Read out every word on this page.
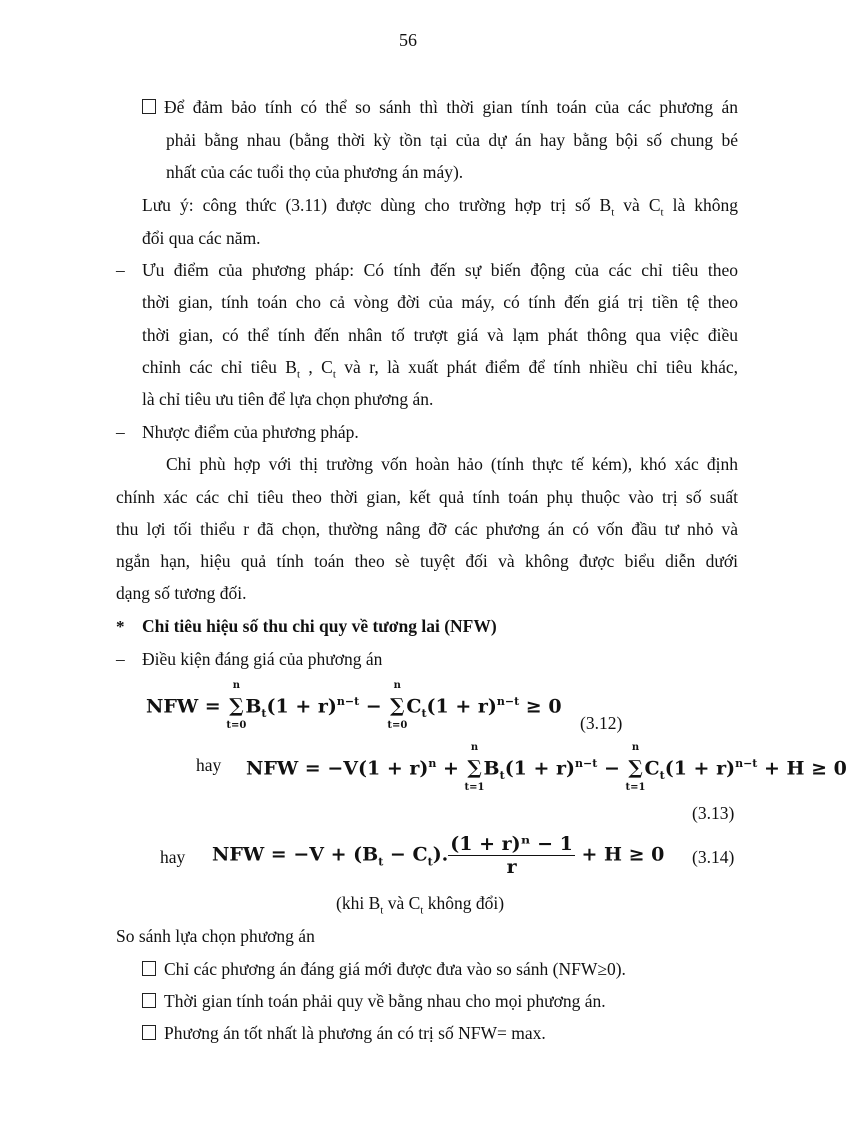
56
Để đảm bảo tính có thể so sánh thì thời gian tính toán của các phương án
phải bằng nhau (bằng thời kỳ tồn tại của dự án hay bằng bội số chung bé
nhất của các tuổi thọ của phương án máy).
Lưu ý: công thức (3.11) được dùng cho trường hợp trị số $B_t$ và $C_t$ là không
đổi qua các năm.
– Ưu điểm của phương pháp: Có tính đến sự biến động của các chỉ tiêu theo
thời gian, tính toán cho cả vòng đời của máy, có tính đến giá trị tiền tệ theo
thời gian, có thể tính đến nhân tố trượt giá và lạm phát thông qua việc điều
chỉnh các chỉ tiêu $B_t$ , $C_t$ và r, là xuất phát điểm để tính nhiều chỉ tiêu khác,
là chỉ tiêu ưu tiên để lựa chọn phương án.
– Nhược điểm của phương pháp.
Chỉ phù hợp với thị trường vốn hoàn hảo (tính thực tế kém), khó xác định
chính xác các chỉ tiêu theo thời gian, kết quả tính toán phụ thuộc vào trị số suất
thu lợi tối thiểu r đã chọn, thường nâng đỡ các phương án có vốn đầu tư nhỏ và
ngắn hạn, hiệu quả tính toán theo sè tuyệt đối và không được biểu diễn dưới
dạng số tương đối.
* Chỉ tiêu hiệu số thu chi quy về tương lai (NFW)
– Điều kiện đáng giá của phương án
NFW = ∑
n
t=0
$B_t(1 + r)^{n-t}$ − ∑
n
t=0
$C_t(1 + r)^{n-t} \ge 0$
(3.12)
hay NFW = $-V(1 + r)^n$ + ∑
n
t=1
$B_t(1 + r)^{n-t}$ − ∑
n
t=1
$C_t(1 + r)^{n-t} + H \ge 0$
(3.13)
hay NFW = $-V + (B_t - C_t)$. $\frac{\text{(1 + r)ⁿ − 1}}{r} + H \ge 0$ (3.14)
(khi $B_t$ và $C_t$ không đổi)
So sánh lựa chọn phương án
Chỉ các phương án đáng giá mới được đưa vào so sánh (NFW≥0).
Thời gian tính toán phải quy về bằng nhau cho mọi phương án.
Phương án tốt nhất là phương án có trị số NFW= max.
